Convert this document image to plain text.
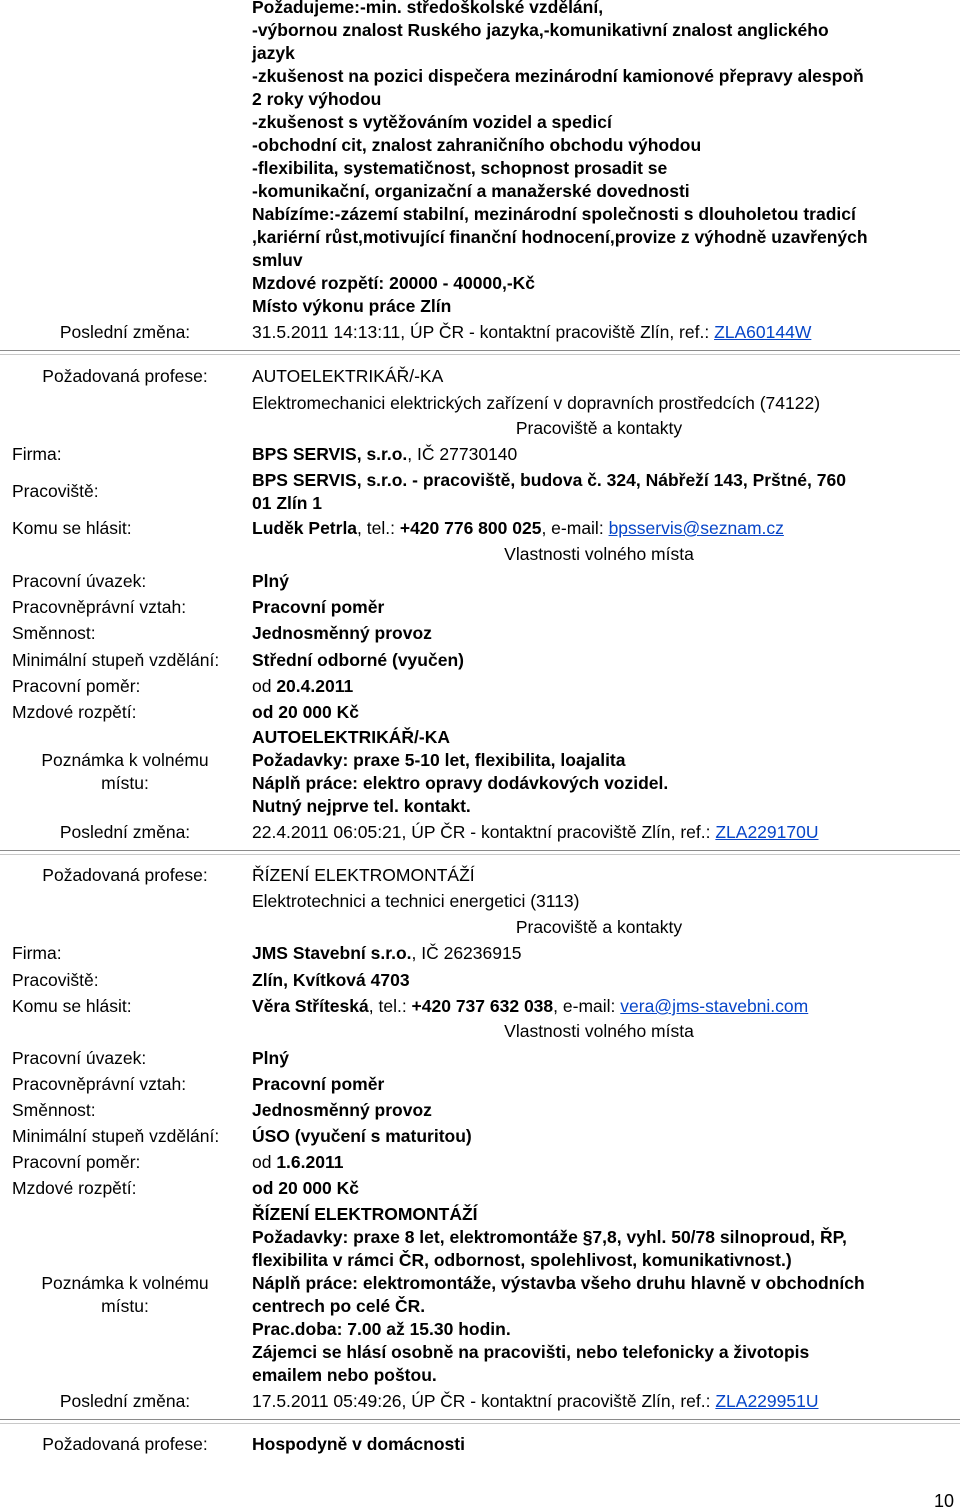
Požadujeme:-min. středoškolské vzdělání,
-výbornou znalost Ruského jazyka,-komunikativní znalost anglického
jazyk
-zkušenost na pozici dispečera mezinárodní kamionové přepravy alespoň
2 roky výhodou
-zkušenost s vytěžováním vozidel a spedicí
-obchodní cit, znalost zahraničního obchodu výhodou
-flexibilita, systematičnost, schopnost prosadit se
-komunikační, organizační a manažerské dovednosti
Nabízíme:-zázemí stabilní, mezinárodní společnosti s dlouholetou tradicí
,kariérní růst,motivující finanční hodnocení,provize z výhodně uzavřených
smluv
Mzdové rozpětí: 20000 - 40000,-Kč
Místo výkonu práce Zlín
Poslední změna:	31.5.2011 14:13:11, ÚP ČR - kontaktní pracoviště Zlín, ref.: ZLA60144W
Požadovaná profese:	AUTOELEKTRIKÁŘ/-KA
Elektromechanici elektrických zařízení v dopravních prostředcích (74122)
Pracoviště a kontakty
Firma:	BPS SERVIS, s.r.o., IČ 27730140
Pracoviště:
BPS SERVIS, s.r.o. - pracoviště, budova č. 324, Nábřeží 143, Prštné, 760
01 Zlín 1
Komu se hlásit:	Luděk Petrla, tel.: +420 776 800 025, e-mail: bpsservis@seznam.cz
Vlastnosti volného místa
Pracovní úvazek:	Plný
Pracovněprávní vztah:	Pracovní poměr
Směnnost:	Jednosměnný provoz
Minimální stupeň vzdělání: Střední odborné (vyučen)
Pracovní poměr:	od 20.4.2011
Mzdové rozpětí:	od 20 000 Kč
Poznámka k volnému
místu:
AUTOELEKTRIKÁŘ/-KA
Požadavky: praxe 5-10 let, flexibilita, loajalita
Náplň práce: elektro opravy dodávkových vozidel.
Nutný nejprve tel. kontakt.
Poslední změna:	22.4.2011 06:05:21, ÚP ČR - kontaktní pracoviště Zlín, ref.: ZLA229170U
Požadovaná profese:	ŘÍZENÍ ELEKTROMONTÁŽÍ
Elektrotechnici a technici energetici (3113)
Pracoviště a kontakty
Firma:	JMS Stavební s.r.o., IČ 26236915
Pracoviště:	Zlín, Kvítková 4703
Komu se hlásit:	Věra Stříteská, tel.: +420 737 632 038, e-mail: vera@jms-stavebni.com
Vlastnosti volného místa
Pracovní úvazek:	Plný
Pracovněprávní vztah:	Pracovní poměr
Směnnost:	Jednosměnný provoz
Minimální stupeň vzdělání: ÚSO (vyučení s maturitou)
Pracovní poměr:	od 1.6.2011
Mzdové rozpětí:	od 20 000 Kč
Poznámka k volnému
místu:
ŘÍZENÍ ELEKTROMONTÁŽÍ
Požadavky: praxe 8 let, elektromontáže §7,8, vyhl. 50/78 silnoproud, ŘP,
flexibilita v rámci ČR, odbornost, spolehlivost, komunikativnost.)
Náplň práce: elektromontáže, výstavba všeho druhu hlavně v obchodních
centrech po celé ČR.
Prac.doba: 7.00 až 15.30 hodin.
Zájemci se hlásí osobně na pracovišti, nebo telefonicky a životopis
emailem nebo poštou.
Poslední změna:	17.5.2011 05:49:26, ÚP ČR - kontaktní pracoviště Zlín, ref.: ZLA229951U
Požadovaná profese:	Hospodyně v domácnosti
10
